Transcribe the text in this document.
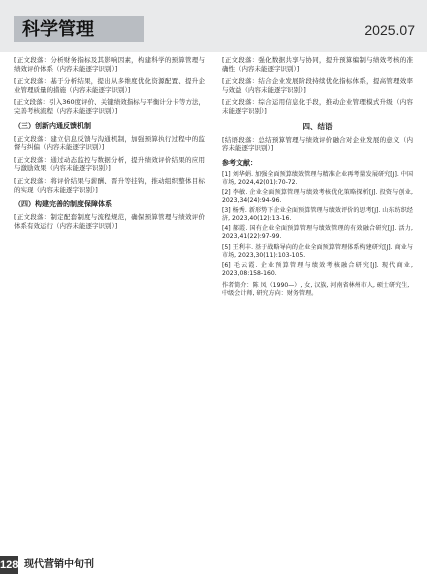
科学管理	2025.07

[正文段落：分析财务指标及其影响因素，构建科学的预算管理与绩效评价体系（内容未能逐字识别）]

[正文段落：基于分析结果，提出从多维度优化资源配置、提升企业管理质量的措施（内容未能逐字识别）]

[正文段落：引入360度评价、关键绩效指标与平衡计分卡等方法，完善考核流程（内容未能逐字识别）]

（三）创新内通反馈机制

[正文段落：建立信息反馈与沟通机制，加强预算执行过程中的监督与纠偏（内容未能逐字识别）]

[正文段落：通过动态监控与数据分析，提升绩效评价结果的应用与激励效果（内容未能逐字识别）]

[正文段落：将评价结果与薪酬、晋升等挂钩，推动组织整体目标的实现（内容未能逐字识别）]

（四）构建完善的制度保障体系

[正文段落：制定配套制度与流程规范，确保预算管理与绩效评价体系有效运行（内容未能逐字识别）]

[正文段落：强化数据共享与协同，提升预算编制与绩效考核的准确性（内容未能逐字识别）]

[正文段落：结合企业发展阶段持续优化指标体系，提高管理效率与效益（内容未能逐字识别）]

[正文段落：综合运用信息化手段，推动企业管理模式升级（内容未能逐字识别）]

四、结语

[结语段落：总结预算管理与绩效评价融合对企业发展的意义（内容未能逐字识别）]

参考文献：
[1] 刘华娟. 加强全面预算绩效管理与精准企业再考量发展研究[J]. 中国市场, 2024,42(01):70-72.
[2] 李敏. 企业全面预算管理与绩效考核优化策略探析[J]. 投资与创业, 2023,34(24):94-96.
[3] 杨秀. 新形势下企业全面预算管理与绩效评价的思考[J]. 山东纺织经济, 2023,40(12):13-16.
[4] 郝霞. 国有企业全面预算管理与绩效管理的有效融合研究[J]. 活力, 2023,41(22):97-99.
[5] 王利丰. 基于战略导向的企业全面预算管理体系构建研究[J]. 商业与市场, 2023,30(11):103-105.
[6] 毛云霞. 企业预算管理与绩效考核融合研究[J]. 现代商业, 2023,08:158-160.
作者简介：陈 凤（1990—）, 女, 汉族, 河南省林州市人, 硕士研究生, 中级会计师, 研究方向：财务管理。
128 现代营销中旬刊
